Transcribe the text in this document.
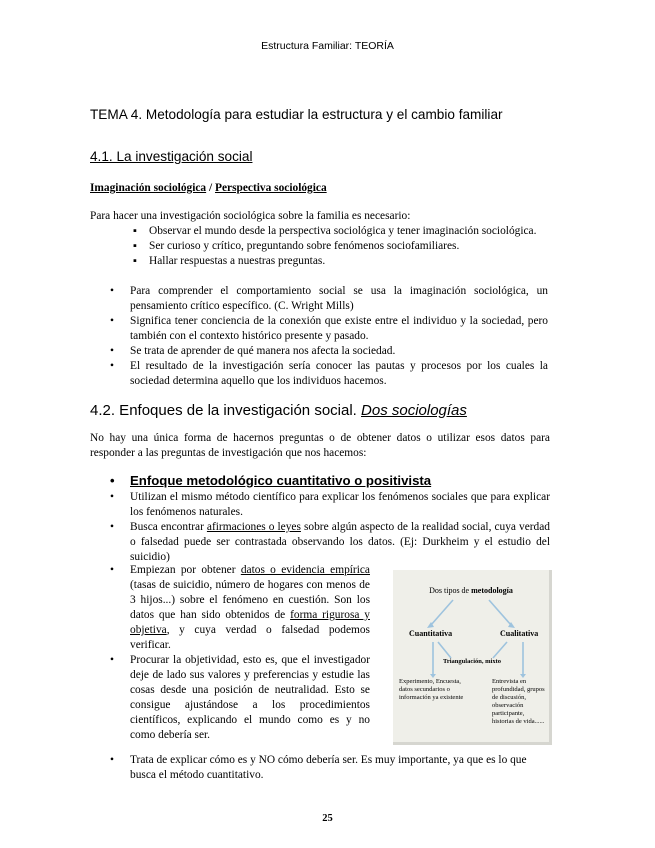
Estructura Familiar: TEORÍA
TEMA 4. Metodología para estudiar la estructura y el cambio familiar
4.1. La investigación social
Imaginación sociológica / Perspectiva sociológica
Para hacer una investigación sociológica sobre la familia es necesario:
▪ Observar el mundo desde la perspectiva sociológica y tener imaginación sociológica.
▪ Ser curioso y crítico, preguntando sobre fenómenos sociofamiliares.
▪ Hallar respuestas a nuestras preguntas.
• Para comprender el comportamiento social se usa la imaginación sociológica, un pensamiento crítico específico. (C. Wright Mills)
• Significa tener conciencia de la conexión que existe entre el individuo y la sociedad, pero también con el contexto histórico presente y pasado.
• Se trata de aprender de qué manera nos afecta la sociedad.
• El resultado de la investigación sería conocer las pautas y procesos por los cuales la sociedad determina aquello que los individuos hacemos.
4.2. Enfoques de la investigación social. Dos sociologías
No hay una única forma de hacernos preguntas o de obtener datos o utilizar esos datos para responder a las preguntas de investigación que nos hacemos:
• Enfoque metodológico cuantitativo o positivista
• Utilizan el mismo método científico para explicar los fenómenos sociales que para explicar los fenómenos naturales.
• Busca encontrar afirmaciones o leyes sobre algún aspecto de la realidad social, cuya verdad o falsedad puede ser contrastada observando los datos. (Ej: Durkheim y el estudio del suicidio)
• Empiezan por obtener datos o evidencia empírica (tasas de suicidio, número de hogares con menos de 3 hijos...) sobre el fenómeno en cuestión. Son los datos que han sido obtenidos de forma rigurosa y objetiva, y cuya verdad o falsedad podemos verificar.
• Procurar la objetividad, esto es, que el investigador deje de lado sus valores y preferencias y estudie las cosas desde una posición de neutralidad. Esto se consigue ajustándose a los procedimientos científicos, explicando el mundo como es y no como debería ser.
• Trata de explicar cómo es y NO cómo debería ser. Es muy importante, ya que es lo que busca el método cuantitativo.
Dos tipos de metodología
Cuantitativa	Cualitativa
Triangulación, mixto
Experimento, Encuesta, datos secundarios o información ya existente
Entrevista en profundidad, grupos de discusión, observación participante, historias de vida......
25
